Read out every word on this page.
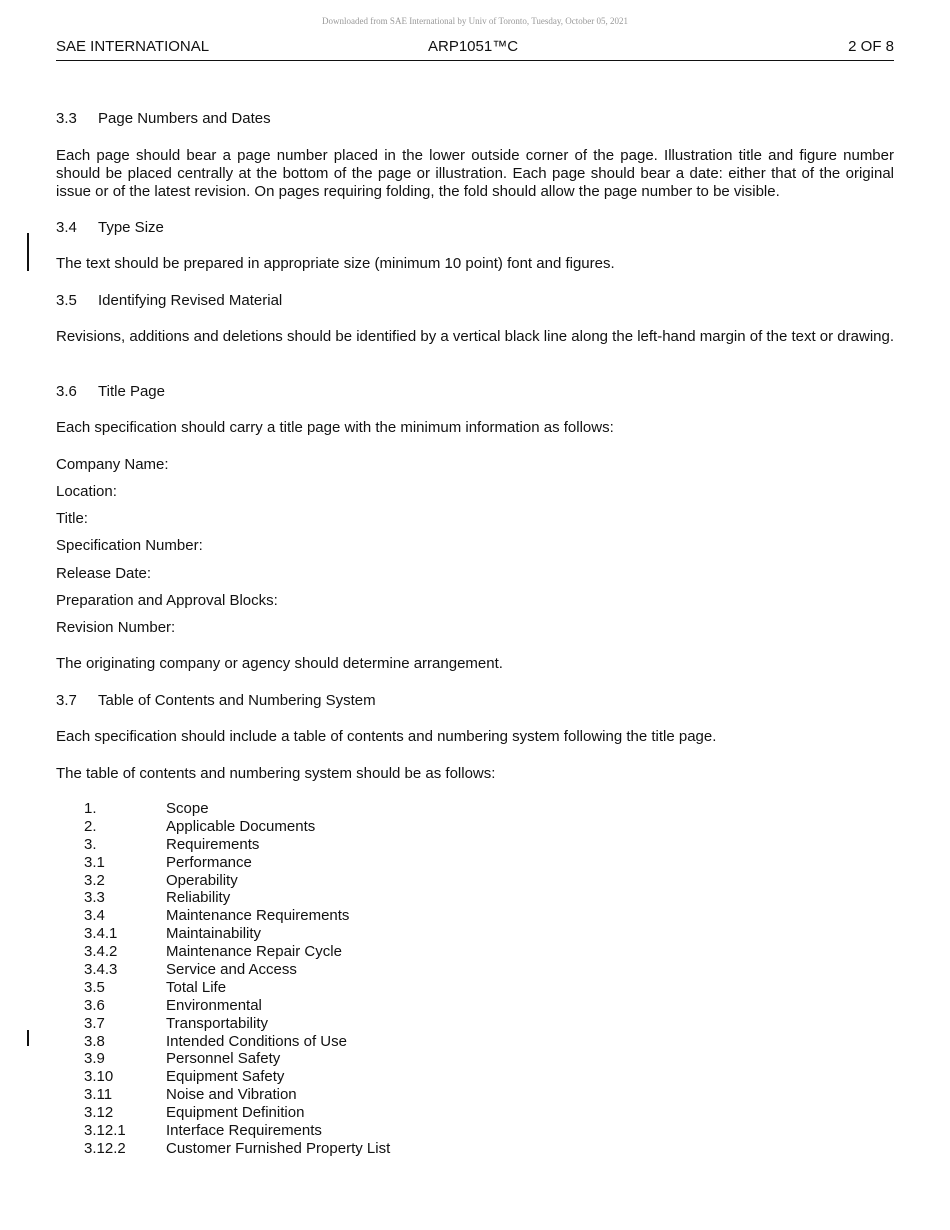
Downloaded from SAE International by Univ of Toronto, Tuesday, October 05, 2021
SAE INTERNATIONAL	ARP1051™C	2 OF 8
3.3 Page Numbers and Dates
Each page should bear a page number placed in the lower outside corner of the page. Illustration title and figure number should be placed centrally at the bottom of the page or illustration. Each page should bear a date: either that of the original issue or of the latest revision. On pages requiring folding, the fold should allow the page number to be visible.
3.4 Type Size
The text should be prepared in appropriate size (minimum 10 point) font and figures.
3.5 Identifying Revised Material
Revisions, additions and deletions should be identified by a vertical black line along the left-hand margin of the text or drawing.
3.6 Title Page
Each specification should carry a title page with the minimum information as follows:
Company Name:
Location:
Title:
Specification Number:
Release Date:
Preparation and Approval Blocks:
Revision Number:
The originating company or agency should determine arrangement.
3.7 Table of Contents and Numbering System
Each specification should include a table of contents and numbering system following the title page.
The table of contents and numbering system should be as follows:
1.	Scope
2.	Applicable Documents
3.	Requirements
3.1	Performance
3.2	Operability
3.3	Reliability
3.4	Maintenance Requirements
3.4.1	Maintainability
3.4.2	Maintenance Repair Cycle
3.4.3	Service and Access
3.5	Total Life
3.6	Environmental
3.7	Transportability
3.8	Intended Conditions of Use
3.9	Personnel Safety
3.10	Equipment Safety
3.11	Noise and Vibration
3.12	Equipment Definition
3.12.1	Interface Requirements
3.12.2	Customer Furnished Property List
